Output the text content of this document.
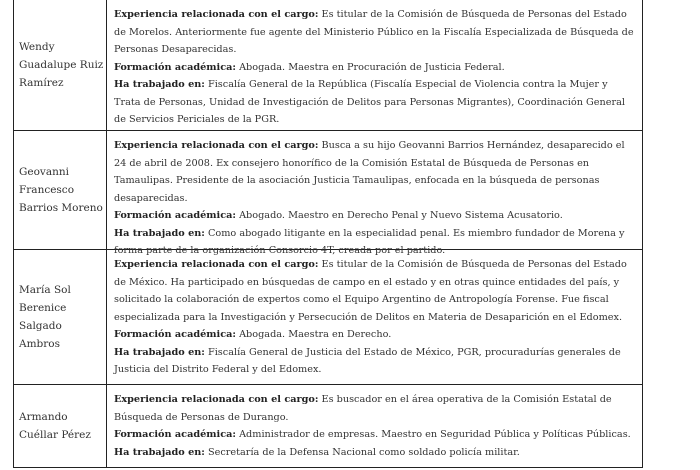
Wendy Guadalupe Ruiz Ramírez
Experiencia relacionada con el cargo: Es titular de la Comisión de Búsqueda de Personas del Estado de Morelos. Anteriormente fue agente del Ministerio Público en la Fiscalía Especializada de Búsqueda de Personas Desaparecidas.
Formación académica: Abogada. Maestra en Procuración de Justicia Federal.
Ha trabajado en: Fiscalía General de la República (Fiscalía Especial de Violencia contra la Mujer y Trata de Personas, Unidad de Investigación de Delitos para Personas Migrantes), Coordinación General de Servicios Periciales de la PGR.
Geovanni Francesco Barrios Moreno
Experiencia relacionada con el cargo: Busca a su hijo Geovanni Barrios Hernández, desaparecido el 24 de abril de 2008. Ex consejero honorífico de la Comisión Estatal de Búsqueda de Personas en Tamaulipas. Presidente de la asociación Justicia Tamaulipas, enfocada en la búsqueda de personas desaparecidas.
Formación académica: Abogado. Maestro en Derecho Penal y Nuevo Sistema Acusatorio.
Ha trabajado en: Como abogado litigante en la especialidad penal. Es miembro fundador de Morena y forma parte de la organización Consorcio 4T, creada por el partido.
María Sol Berenice Salgado Ambros
Experiencia relacionada con el cargo: Es titular de la Comisión de Búsqueda de Personas del Estado de México. Ha participado en búsquedas de campo en el estado y en otras quince entidades del país, y solicitado la colaboración de expertos como el Equipo Argentino de Antropología Forense. Fue fiscal especializada para la Investigación y Persecución de Delitos en Materia de Desaparición en el Edomex.
Formación académica: Abogada. Maestra en Derecho.
Ha trabajado en: Fiscalía General de Justicia del Estado de México, PGR, procuradurías generales de Justicia del Distrito Federal y del Edomex.
Armando Cuéllar Pérez
Experiencia relacionada con el cargo: Es buscador en el área operativa de la Comisión Estatal de Búsqueda de Personas de Durango.
Formación académica: Administrador de empresas. Maestro en Seguridad Pública y Políticas Públicas.
Ha trabajado en: Secretaría de la Defensa Nacional como soldado policía militar.
